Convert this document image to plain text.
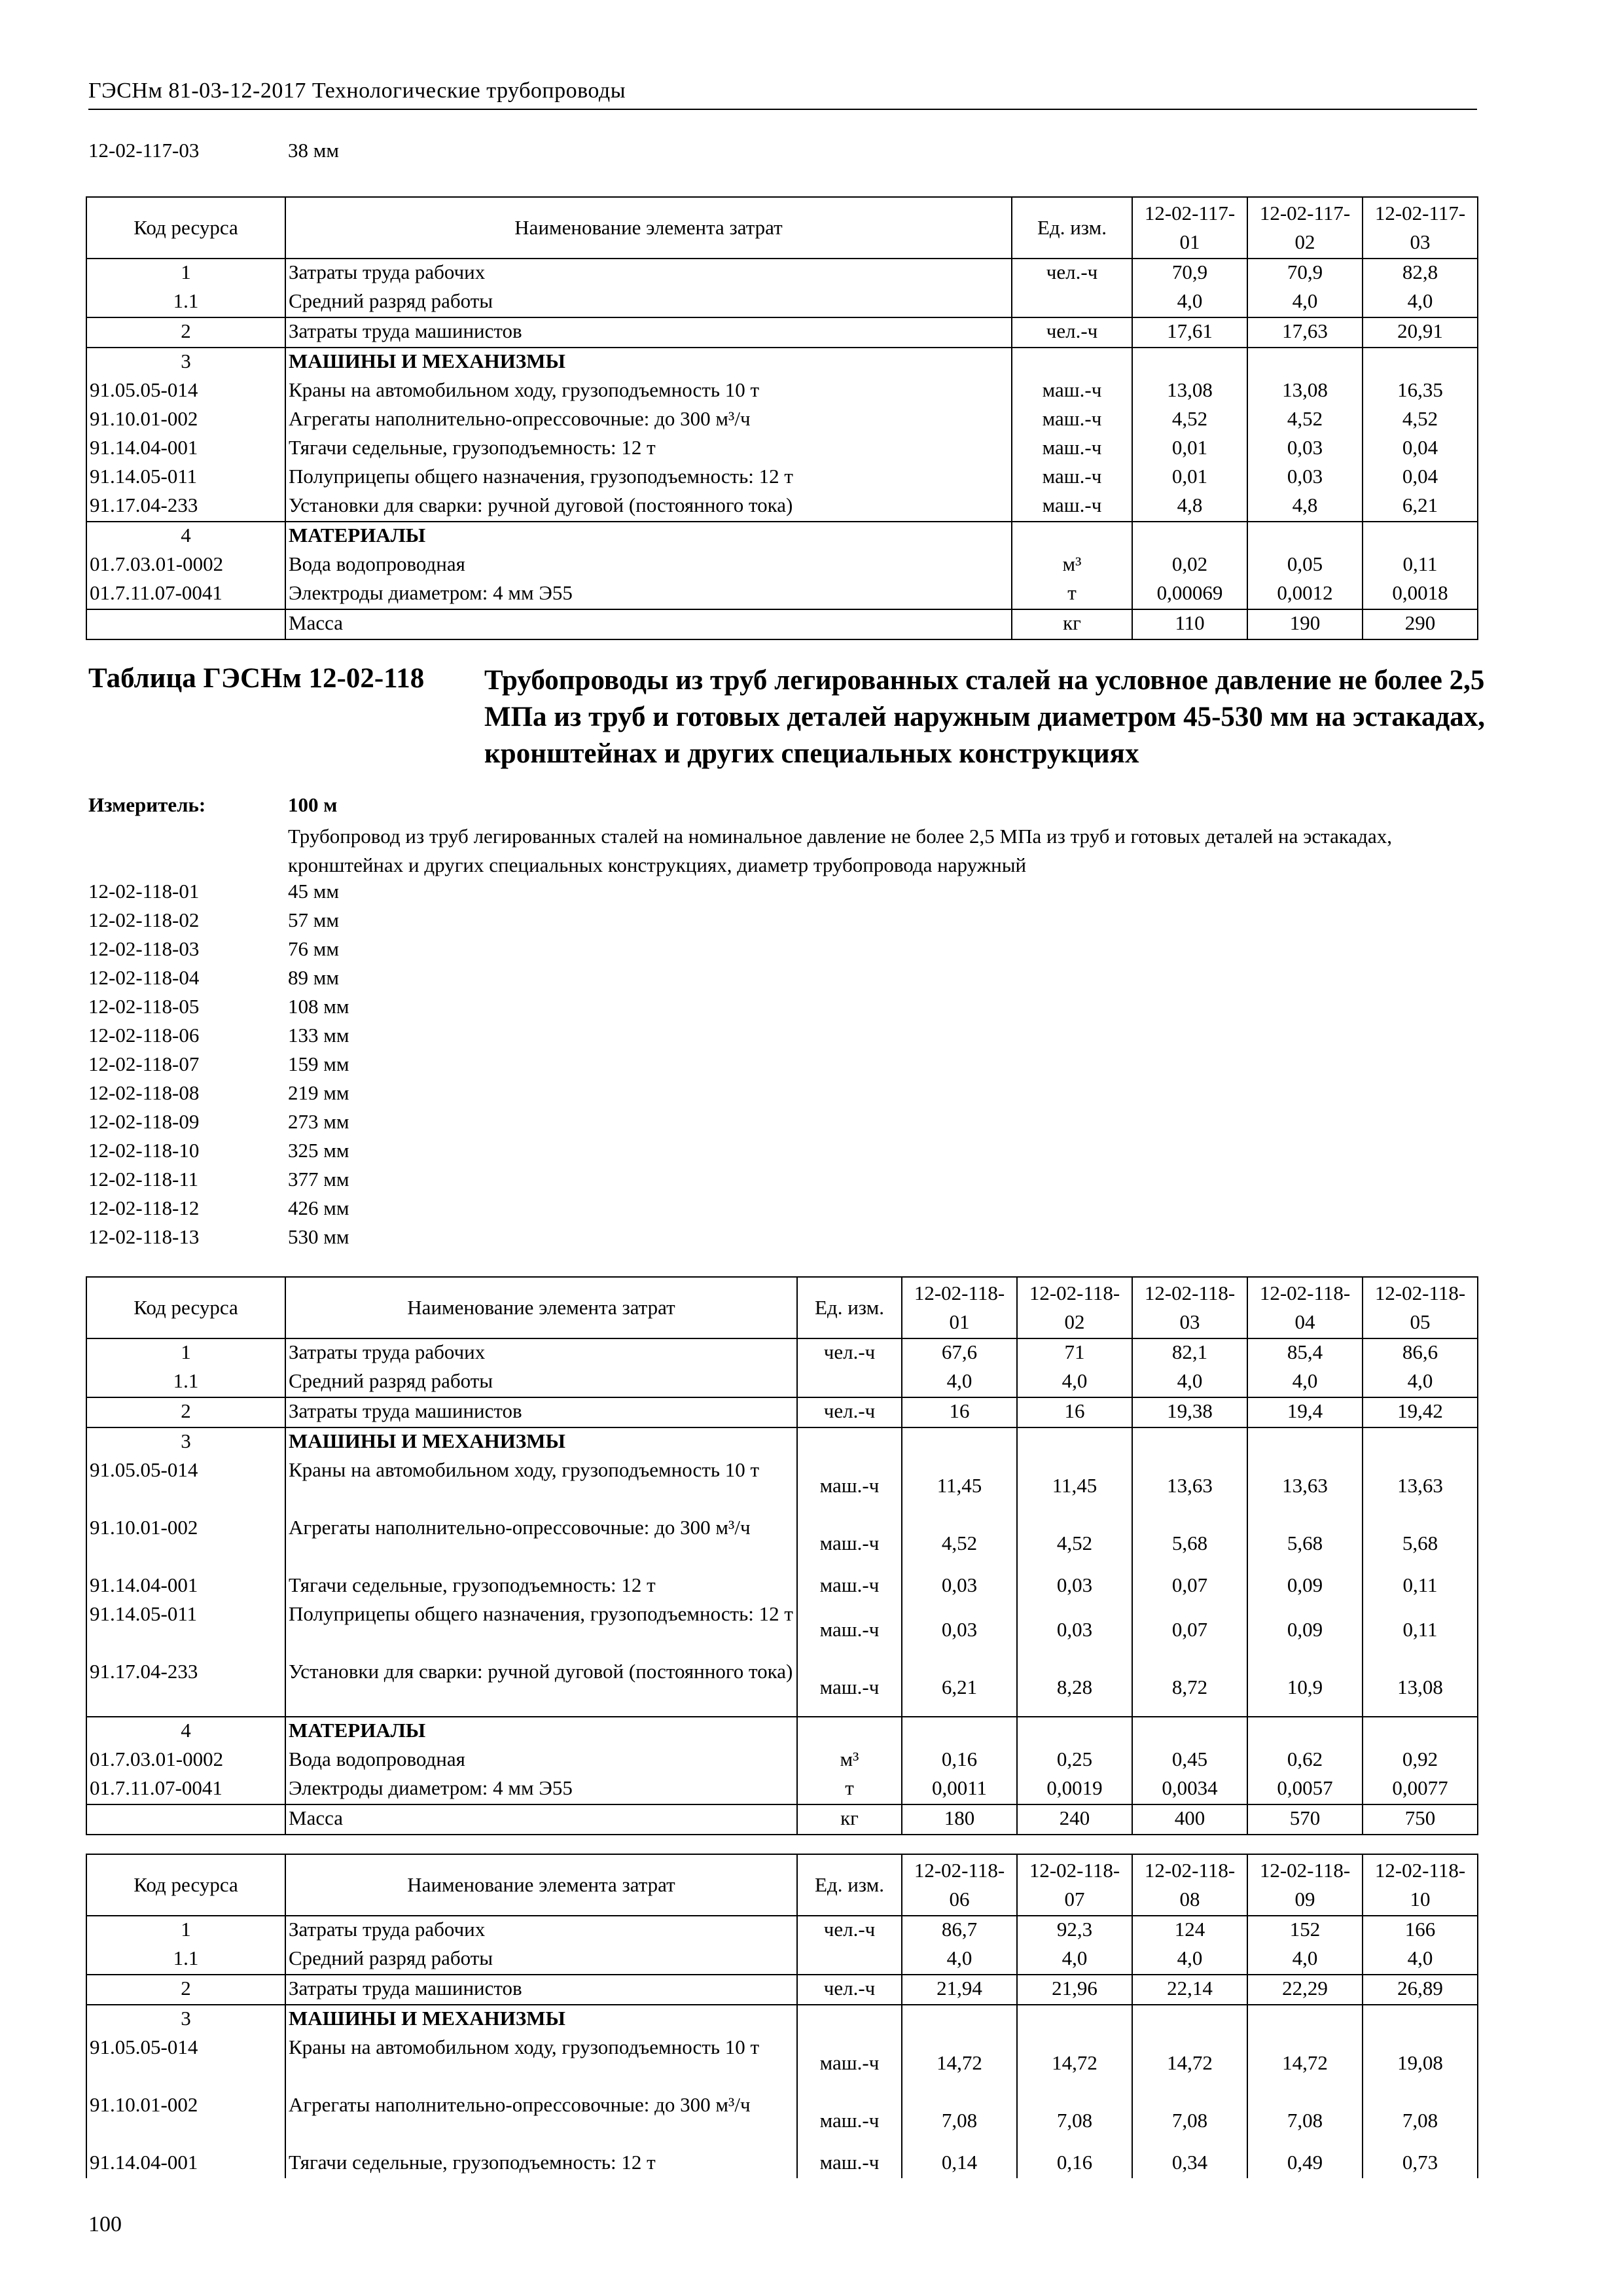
ГЭСНм 81-03-12-2017 Технологические трубопроводы
12-02-117-03	38 мм
Код ресурса	Наименование элемента затрат	Ед. изм.	12-02-117-01	12-02-117-02	12-02-117-03
1	Затраты труда рабочих	чел.-ч	70,9	70,9	82,8
1.1	Средний разряд работы		4,0	4,0	4,0
2	Затраты труда машинистов	чел.-ч	17,61	17,63	20,91
3	МАШИНЫ И МЕХАНИЗМЫ				
91.05.05-014	Краны на автомобильном ходу, грузоподъемность 10 т	маш.-ч	13,08	13,08	16,35
91.10.01-002	Агрегаты наполнительно-опрессовочные: до 300 м³/ч	маш.-ч	4,52	4,52	4,52
91.14.04-001	Тягачи седельные, грузоподъемность: 12 т	маш.-ч	0,01	0,03	0,04
91.14.05-011	Полуприцепы общего назначения, грузоподъемность: 12 т	маш.-ч	0,01	0,03	0,04
91.17.04-233	Установки для сварки: ручной дуговой (постоянного тока)	маш.-ч	4,8	4,8	6,21
4	МАТЕРИАЛЫ				
01.7.03.01-0002	Вода водопроводная	м³	0,02	0,05	0,11
01.7.11.07-0041	Электроды диаметром: 4 мм Э55	т	0,00069	0,0012	0,0018
	Масса	кг	110	190	290
Таблица ГЭСНм 12-02-118 Трубопроводы из труб легированных сталей на условное давление не более 2,5 МПа из труб и готовых деталей наружным диаметром 45-530 мм на эстакадах, кронштейнах и других специальных конструкциях
Измеритель:	100 м
Трубопровод из труб легированных сталей на номинальное давление не более 2,5 МПа из труб и готовых деталей на эстакадах, кронштейнах и других специальных конструкциях, диаметр трубопровода наружный
12-02-118-01	45 мм
12-02-118-02	57 мм
12-02-118-03	76 мм
12-02-118-04	89 мм
12-02-118-05	108 мм
12-02-118-06	133 мм
12-02-118-07	159 мм
12-02-118-08	219 мм
12-02-118-09	273 мм
12-02-118-10	325 мм
12-02-118-11	377 мм
12-02-118-12	426 мм
12-02-118-13	530 мм
Код ресурса	Наименование элемента затрат	Ед. изм.	12-02-118-01	12-02-118-02	12-02-118-03	12-02-118-04	12-02-118-05
1	Затраты труда рабочих	чел.-ч	67,6	71	82,1	85,4	86,6
1.1	Средний разряд работы		4,0	4,0	4,0	4,0	4,0
2	Затраты труда машинистов	чел.-ч	16	16	19,38	19,4	19,42
3	МАШИНЫ И МЕХАНИЗМЫ						
91.05.05-014	Краны на автомобильном ходу, грузоподъемность 10 т	маш.-ч	11,45	11,45	13,63	13,63	13,63
91.10.01-002	Агрегаты наполнительно-опрессовочные: до 300 м³/ч	маш.-ч	4,52	4,52	5,68	5,68	5,68
91.14.04-001	Тягачи седельные, грузоподъемность: 12 т	маш.-ч	0,03	0,03	0,07	0,09	0,11
91.14.05-011	Полуприцепы общего назначения, грузоподъемность: 12 т	маш.-ч	0,03	0,03	0,07	0,09	0,11
91.17.04-233	Установки для сварки: ручной дуговой (постоянного тока)	маш.-ч	6,21	8,28	8,72	10,9	13,08
4	МАТЕРИАЛЫ						
01.7.03.01-0002	Вода водопроводная	м³	0,16	0,25	0,45	0,62	0,92
01.7.11.07-0041	Электроды диаметром: 4 мм Э55	т	0,0011	0,0019	0,0034	0,0057	0,0077
	Масса	кг	180	240	400	570	750
Код ресурса	Наименование элемента затрат	Ед. изм.	12-02-118-06	12-02-118-07	12-02-118-08	12-02-118-09	12-02-118-10
1	Затраты труда рабочих	чел.-ч	86,7	92,3	124	152	166
1.1	Средний разряд работы		4,0	4,0	4,0	4,0	4,0
2	Затраты труда машинистов	чел.-ч	21,94	21,96	22,14	22,29	26,89
3	МАШИНЫ И МЕХАНИЗМЫ						
91.05.05-014	Краны на автомобильном ходу, грузоподъемность 10 т	маш.-ч	14,72	14,72	14,72	14,72	19,08
91.10.01-002	Агрегаты наполнительно-опрессовочные: до 300 м³/ч	маш.-ч	7,08	7,08	7,08	7,08	7,08
91.14.04-001	Тягачи седельные, грузоподъемность: 12 т	маш.-ч	0,14	0,16	0,34	0,49	0,73
100
